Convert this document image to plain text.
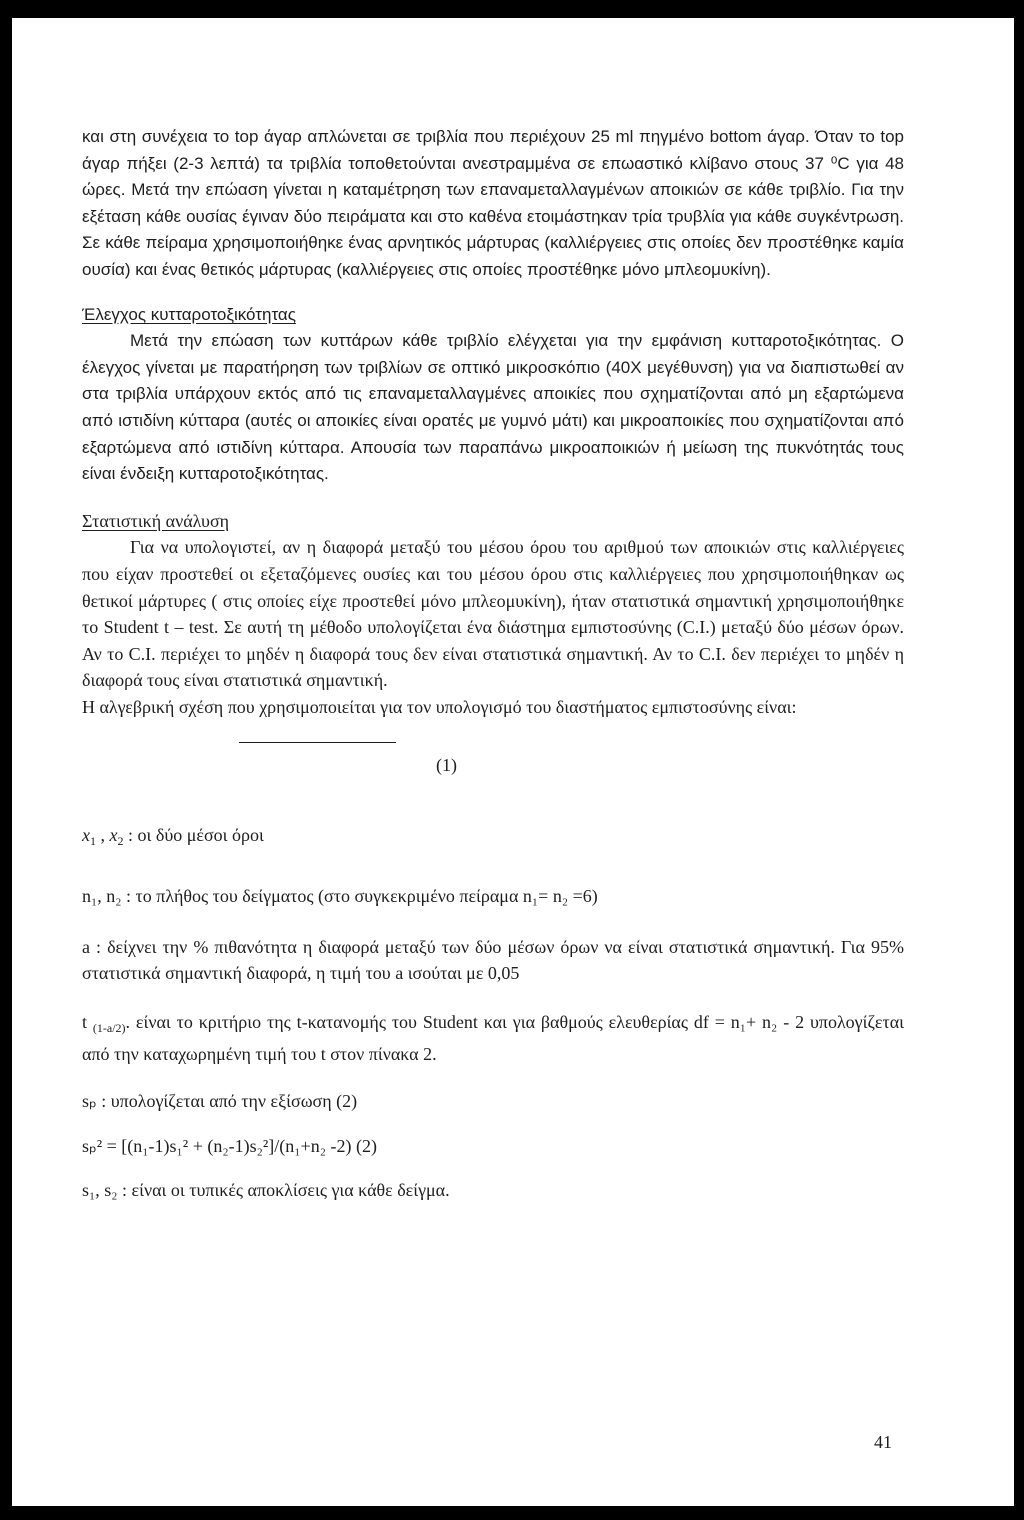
και στη συνέχεια το top άγαρ απλώνεται σε τριβλία που περιέχουν 25 ml πηγμένο bottom άγαρ. Όταν το top άγαρ πήξει (2-3 λεπτά) τα τριβλία τοποθετούνται ανεστραμμένα σε επωαστικό κλίβανο στους 37 ⁰C για 48 ώρες. Μετά την επώαση γίνεται η καταμέτρηση των επαναμεταλλαγμένων αποικιών σε κάθε τριβλίο. Για την εξέταση κάθε ουσίας έγιναν δύο πειράματα και στο καθένα ετοιμάστηκαν τρία τρυβλία για κάθε συγκέντρωση. Σε κάθε πείραμα χρησιμοποιήθηκε ένας αρνητικός μάρτυρας (καλλιέργειες στις οποίες δεν προστέθηκε καμία ουσία) και ένας θετικός μάρτυρας (καλλιέργειες στις οποίες προστέθηκε μόνο μπλεομυκίνη).

Έλεγχος κυτταροτοξικότητας

Μετά την επώαση των κυττάρων κάθε τριβλίο ελέγχεται για την εμφάνιση κυτταροτοξικότητας. Ο έλεγχος γίνεται με παρατήρηση των τριβλίων σε οπτικό μικροσκόπιο (40X μεγέθυνση) για να διαπιστωθεί αν στα τριβλία υπάρχουν εκτός από τις επαναμεταλλαγμένες αποικίες που σχηματίζονται από μη εξαρτώμενα από ιστιδίνη κύτταρα (αυτές οι αποικίες είναι ορατές με γυμνό μάτι) και μικροαποικίες που σχηματίζονται από εξαρτώμενα από ιστιδίνη κύτταρα. Απουσία των παραπάνω μικροαποικιών ή μείωση της πυκνότητάς τους είναι ένδειξη κυτταροτοξικότητας.

Στατιστική ανάλυση

Για να υπολογιστεί, αν η διαφορά μεταξύ του μέσου όρου του αριθμού των αποικιών στις καλλιέργειες που είχαν προστεθεί οι εξεταζόμενες ουσίες και του μέσου όρου στις καλλιέργειες που χρησιμοποιήθηκαν ως θετικοί μάρτυρες ( στις οποίες είχε προστεθεί μόνο μπλεομυκίνη), ήταν στατιστικά σημαντική χρησιμοποιήθηκε το Student t – test. Σε αυτή τη μέθοδο υπολογίζεται ένα διάστημα εμπιστοσύνης (C.I.) μεταξύ δύο μέσων όρων. Αν το C.I. περιέχει το μηδέν η διαφορά τους δεν είναι στατιστικά σημαντική. Αν το C.I. δεν περιέχει το μηδέν η διαφορά τους είναι στατιστικά σημαντική.

Η αλγεβρική σχέση που χρησιμοποιείται για τον υπολογισμό του διαστήματος εμπιστοσύνης είναι:

(1)

$x_1$ , $x_2$ : οι δύο μέσοι όροι

n₁, n₂ : το πλήθος του δείγματος (στο συγκεκριμένο πείραμα n₁= n₂ =6)

a : δείχνει την % πιθανότητα η διαφορά μεταξύ των δύο μέσων όρων να είναι στατιστικά σημαντική. Για 95% στατιστικά σημαντική διαφορά, η τιμή του a ισούται με 0,05

t $_{(1-a/2)}$. είναι το κριτήριο της t-κατανομής του Student και για βαθμούς ελευθερίας df = n₁+ n₂ - 2 υπολογίζεται από την καταχωρημένη τιμή του t στον πίνακα 2.

sₚ : υπολογίζεται από την εξίσωση (2)

sₚ² = [(n₁-1)s₁² + (n₂-1)s₂²]/(n₁+n₂ -2) (2)

s₁, s₂ : είναι οι τυπικές αποκλίσεις για κάθε δείγμα.

41
